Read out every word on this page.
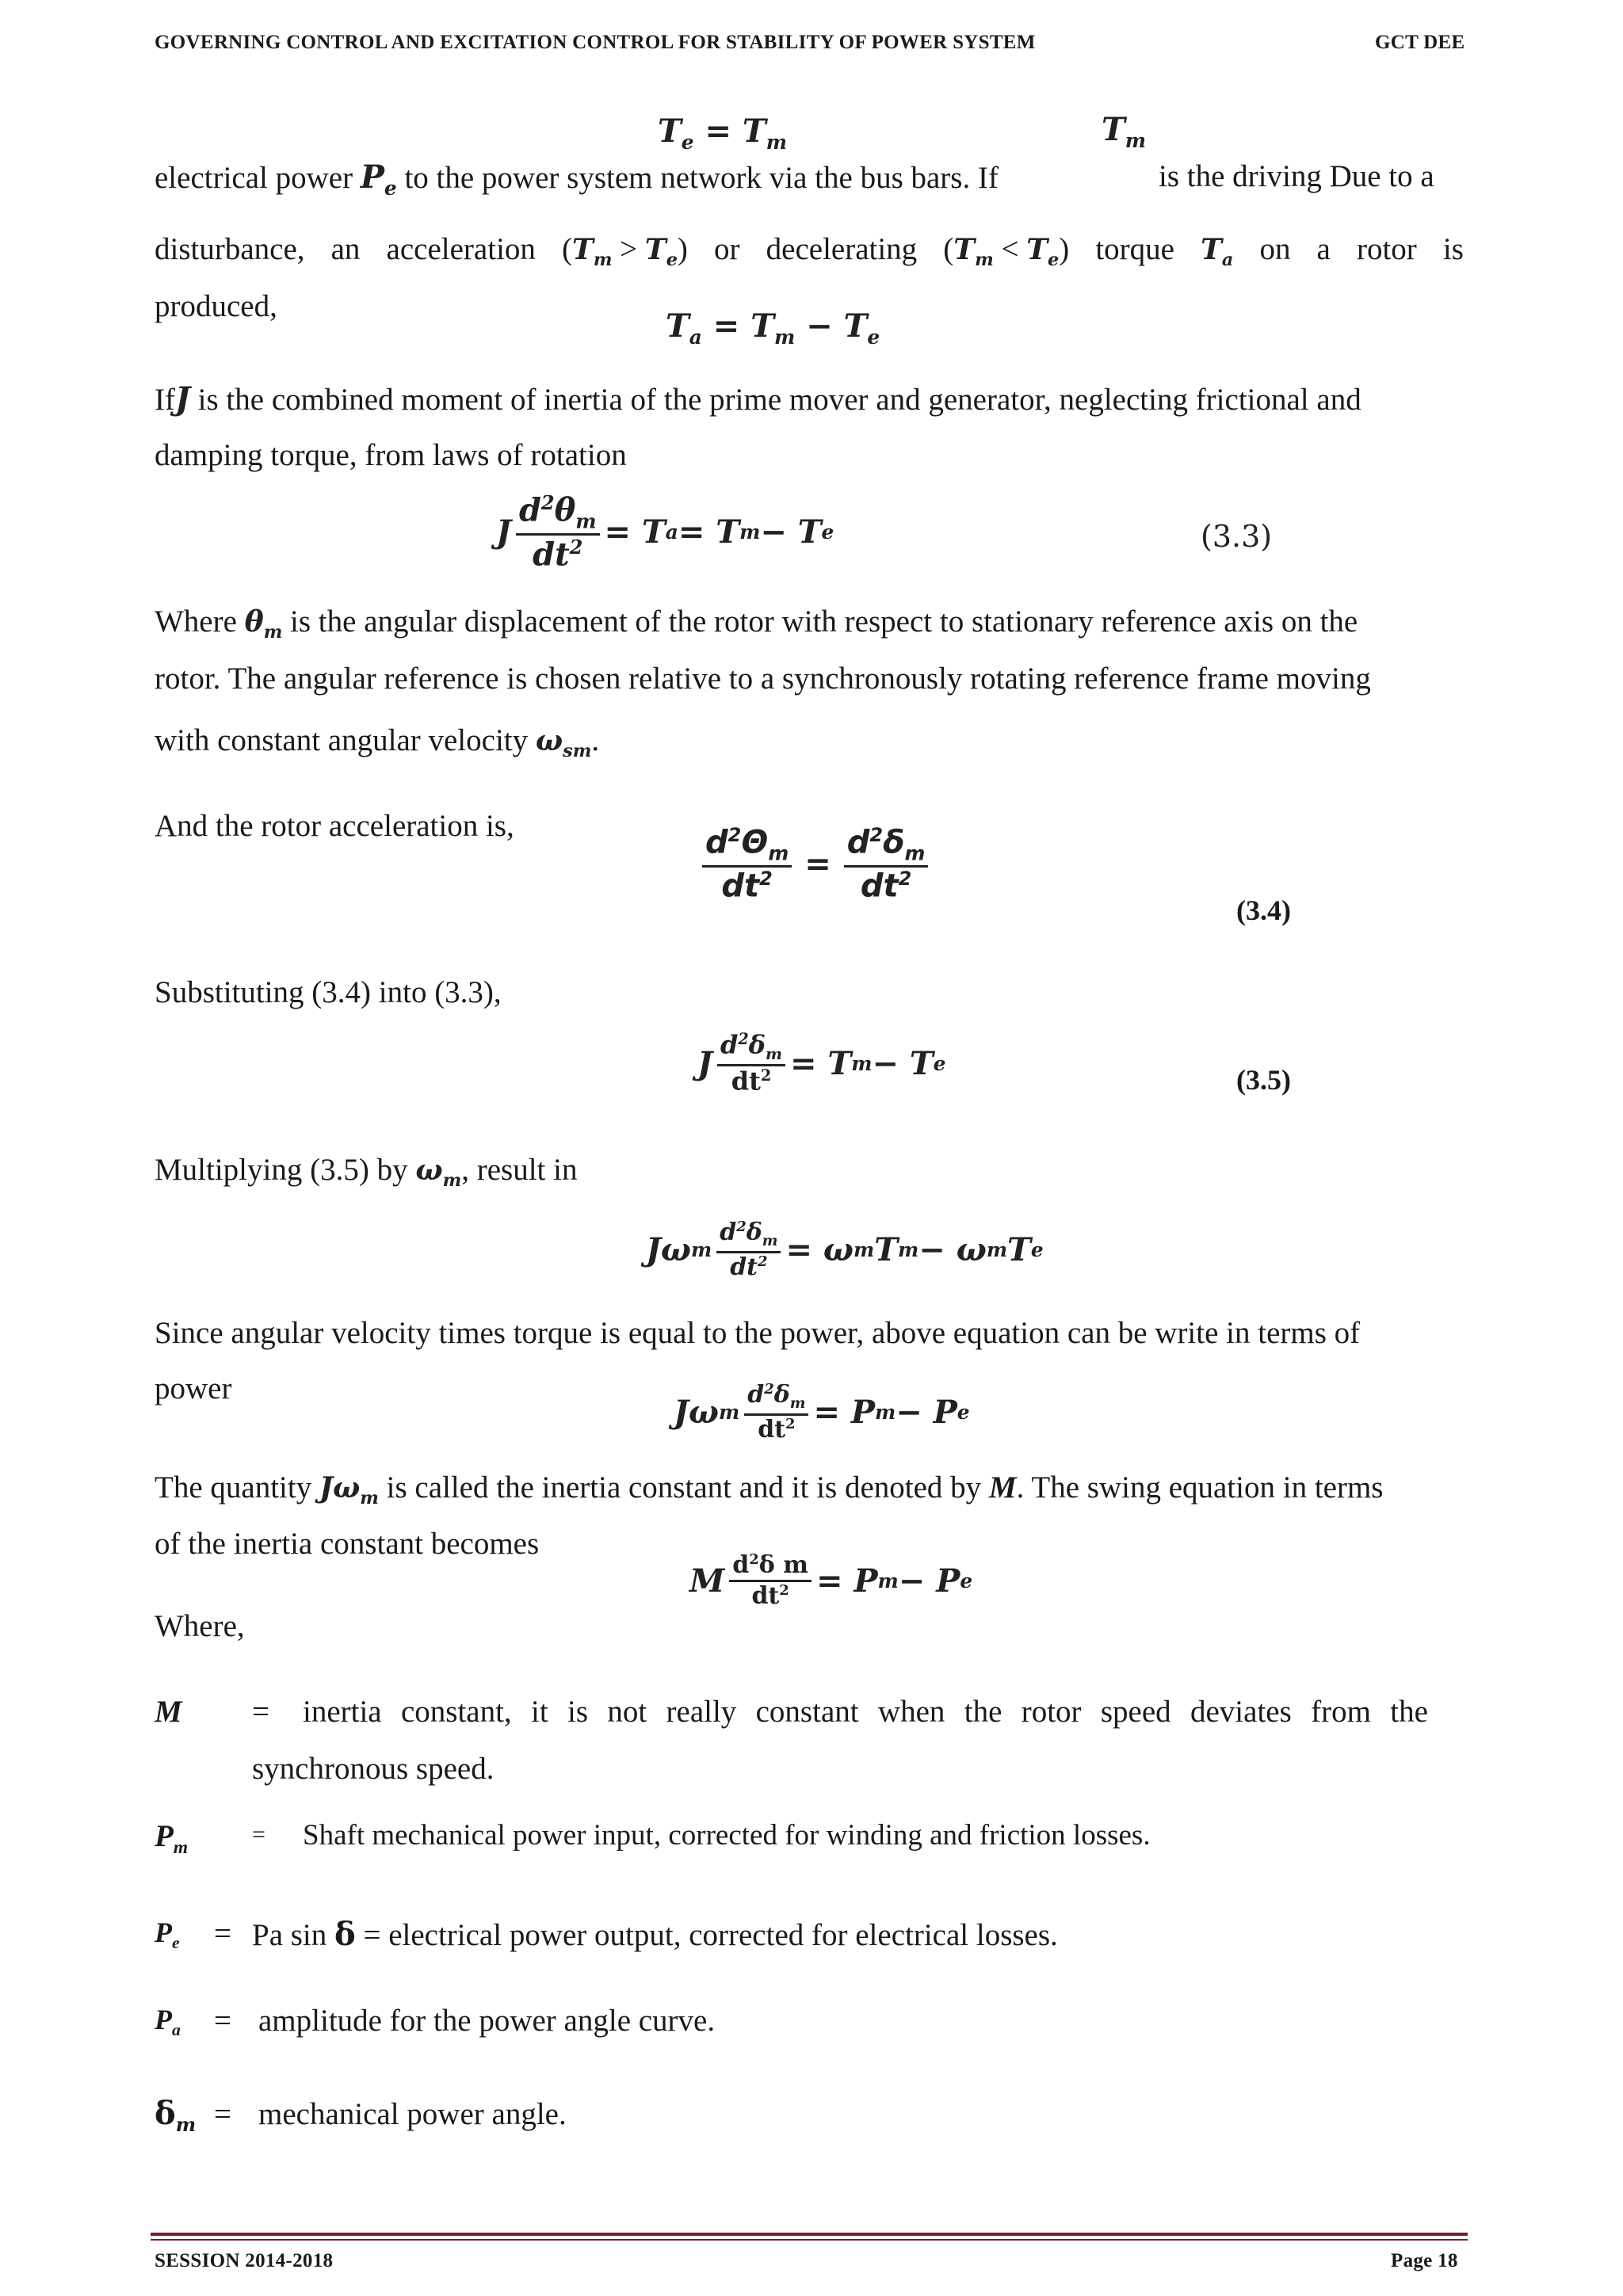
GOVERNING CONTROL AND EXCITATION CONTROL FOR STABILITY OF POWER SYSTEM	GCT DEE
$T_e = T_m$	$T_m$
electrical power $P_e$ to the power system network via the bus bars. If	is the driving Due to a
disturbance, an acceleration $(T_m > T_e)$ or decelerating $(T_m < T_e)$ torque $T_a$ on a rotor is
produced,
$T_a = T_m - T_e$
IfJ is the combined moment of inertia of the prime mover and generator, neglecting frictional and
damping torque, from laws of rotation
J $\frac{d^2\theta_m}{dt^2} = T$ a = T m − T e	(3.3)
Where $\theta_m$ is the angular displacement of the rotor with respect to stationary reference axis on the
rotor. The angular reference is chosen relative to a synchronously rotating reference frame moving
with constant angular velocity $\omega_{sm}$.
And the rotor acceleration is,	$\frac{d^2\Theta_m}{dt^2} = \frac{d^2\delta_m}{dt^2}$
(3.4)
Substituting (3.4) into (3.3),
J $\frac{d^2\delta_m}{dt^2} = T$ m − T e
(3.5)
Multiplying (3.5) by $\omega_m$, result in
Jω m $\frac{d^2\delta_m}{dt^2} = \omega$ m T m − ω m T e
Since angular velocity times torque is equal to the power, above equation can be write in terms of
power
Jω m $\frac{d^2\delta_m}{dt^2} = P$ m − P e
The quantity $J\omega_m$ is called the inertia constant and it is denoted by M. The swing equation in terms
of the inertia constant becomes
M $\frac{d^2\delta m}{dt^2} = P$ m − P e
Where,
M = inertia constant, it is not really constant when the rotor speed deviates from the
synchronous speed.
$P_m$	= Shaft mechanical power input, corrected for winding and friction losses.
$P_e = Pa$ sin δ = electrical power output, corrected for electrical losses.
$P_a$ = amplitude for the power angle curve.
$\delta_m$ = mechanical power angle.
SESSION 2014-2018	Page 18
